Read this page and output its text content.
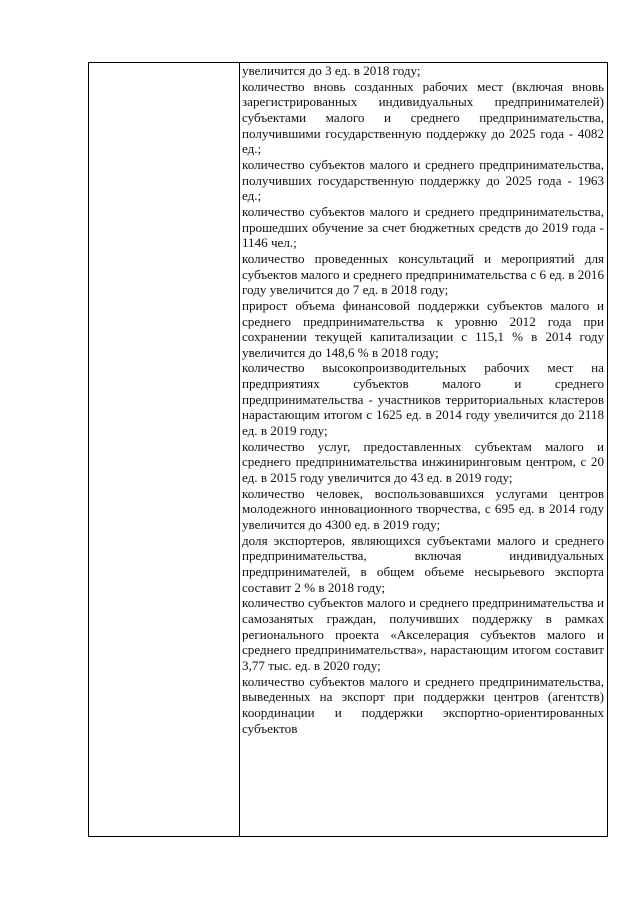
увеличится до 3 ед. в 2018 году;

количество вновь созданных рабочих мест (включая вновь зарегистрированных индивидуальных предпринимателей) субъектами малого и среднего предпринимательства, получившими государственную поддержку до 2025 года - 4082 ед.;

количество субъектов малого и среднего предпринимательства, получивших государственную поддержку до 2025 года - 1963 ед.;

количество субъектов малого и среднего предпринимательства, прошедших обучение за счет бюджетных средств до 2019 года - 1146 чел.;

количество проведенных консультаций и мероприятий для субъектов малого и среднего предпринимательства с 6 ед. в 2016 году увеличится до 7 ед. в 2018 году;

прирост объема финансовой поддержки субъектов малого и среднего предпринимательства к уровню 2012 года при сохранении текущей капитализации с 115,1 % в 2014 году увеличится до 148,6 % в 2018 году;

количество высокопроизводительных рабочих мест на предприятиях субъектов малого и среднего предпринимательства - участников территориальных кластеров нарастающим итогом с 1625 ед. в 2014 году увеличится до 2118 ед. в 2019 году;

количество услуг, предоставленных субъектам малого и среднего предпринимательства инжиниринговым центром, с 20 ед. в 2015 году увеличится до 43 ед. в 2019 году;

количество человек, воспользовавшихся услугами центров молодежного инновационного творчества, с 695 ед. в 2014 году увеличится до 4300 ед. в 2019 году;

доля экспортеров, являющихся субъектами малого и среднего предпринимательства, включая индивидуальных предпринимателей, в общем объеме несырьевого экспорта составит 2 % в 2018 году;

количество субъектов малого и среднего предпринимательства и самозанятых граждан, получивших поддержку в рамках регионального проекта «Акселерация субъектов малого и среднего предпринимательства», нарастающим итогом составит 3,77 тыс. ед. в 2020 году;

количество субъектов малого и среднего предпринимательства, выведенных на экспорт при поддержки центров (агентств) координации и поддержки экспортно-ориентированных субъектов
